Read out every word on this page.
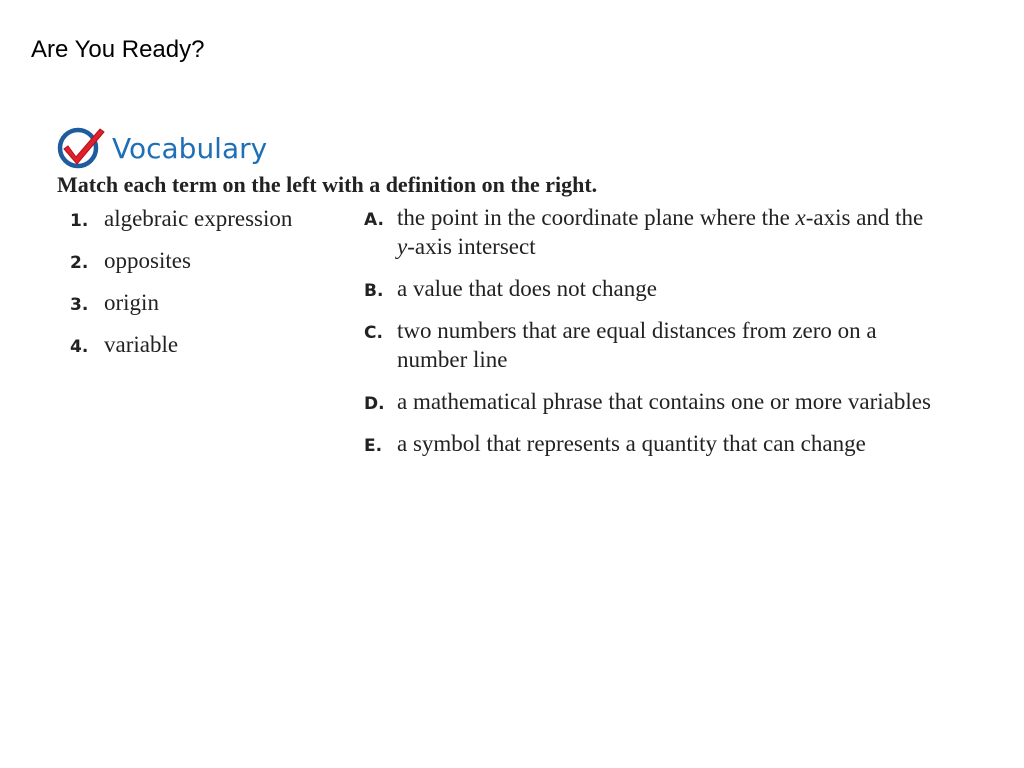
Are You Ready?
Vocabulary
Match each term on the left with a definition on the right.
1. algebraic expression
2. opposites
3. origin
4. variable
A. the point in the coordinate plane where the x-axis and the
y-axis intersect
B. a value that does not change
C. two numbers that are equal distances from zero on a
number line
D. a mathematical phrase that contains one or more variables
E. a symbol that represents a quantity that can change
